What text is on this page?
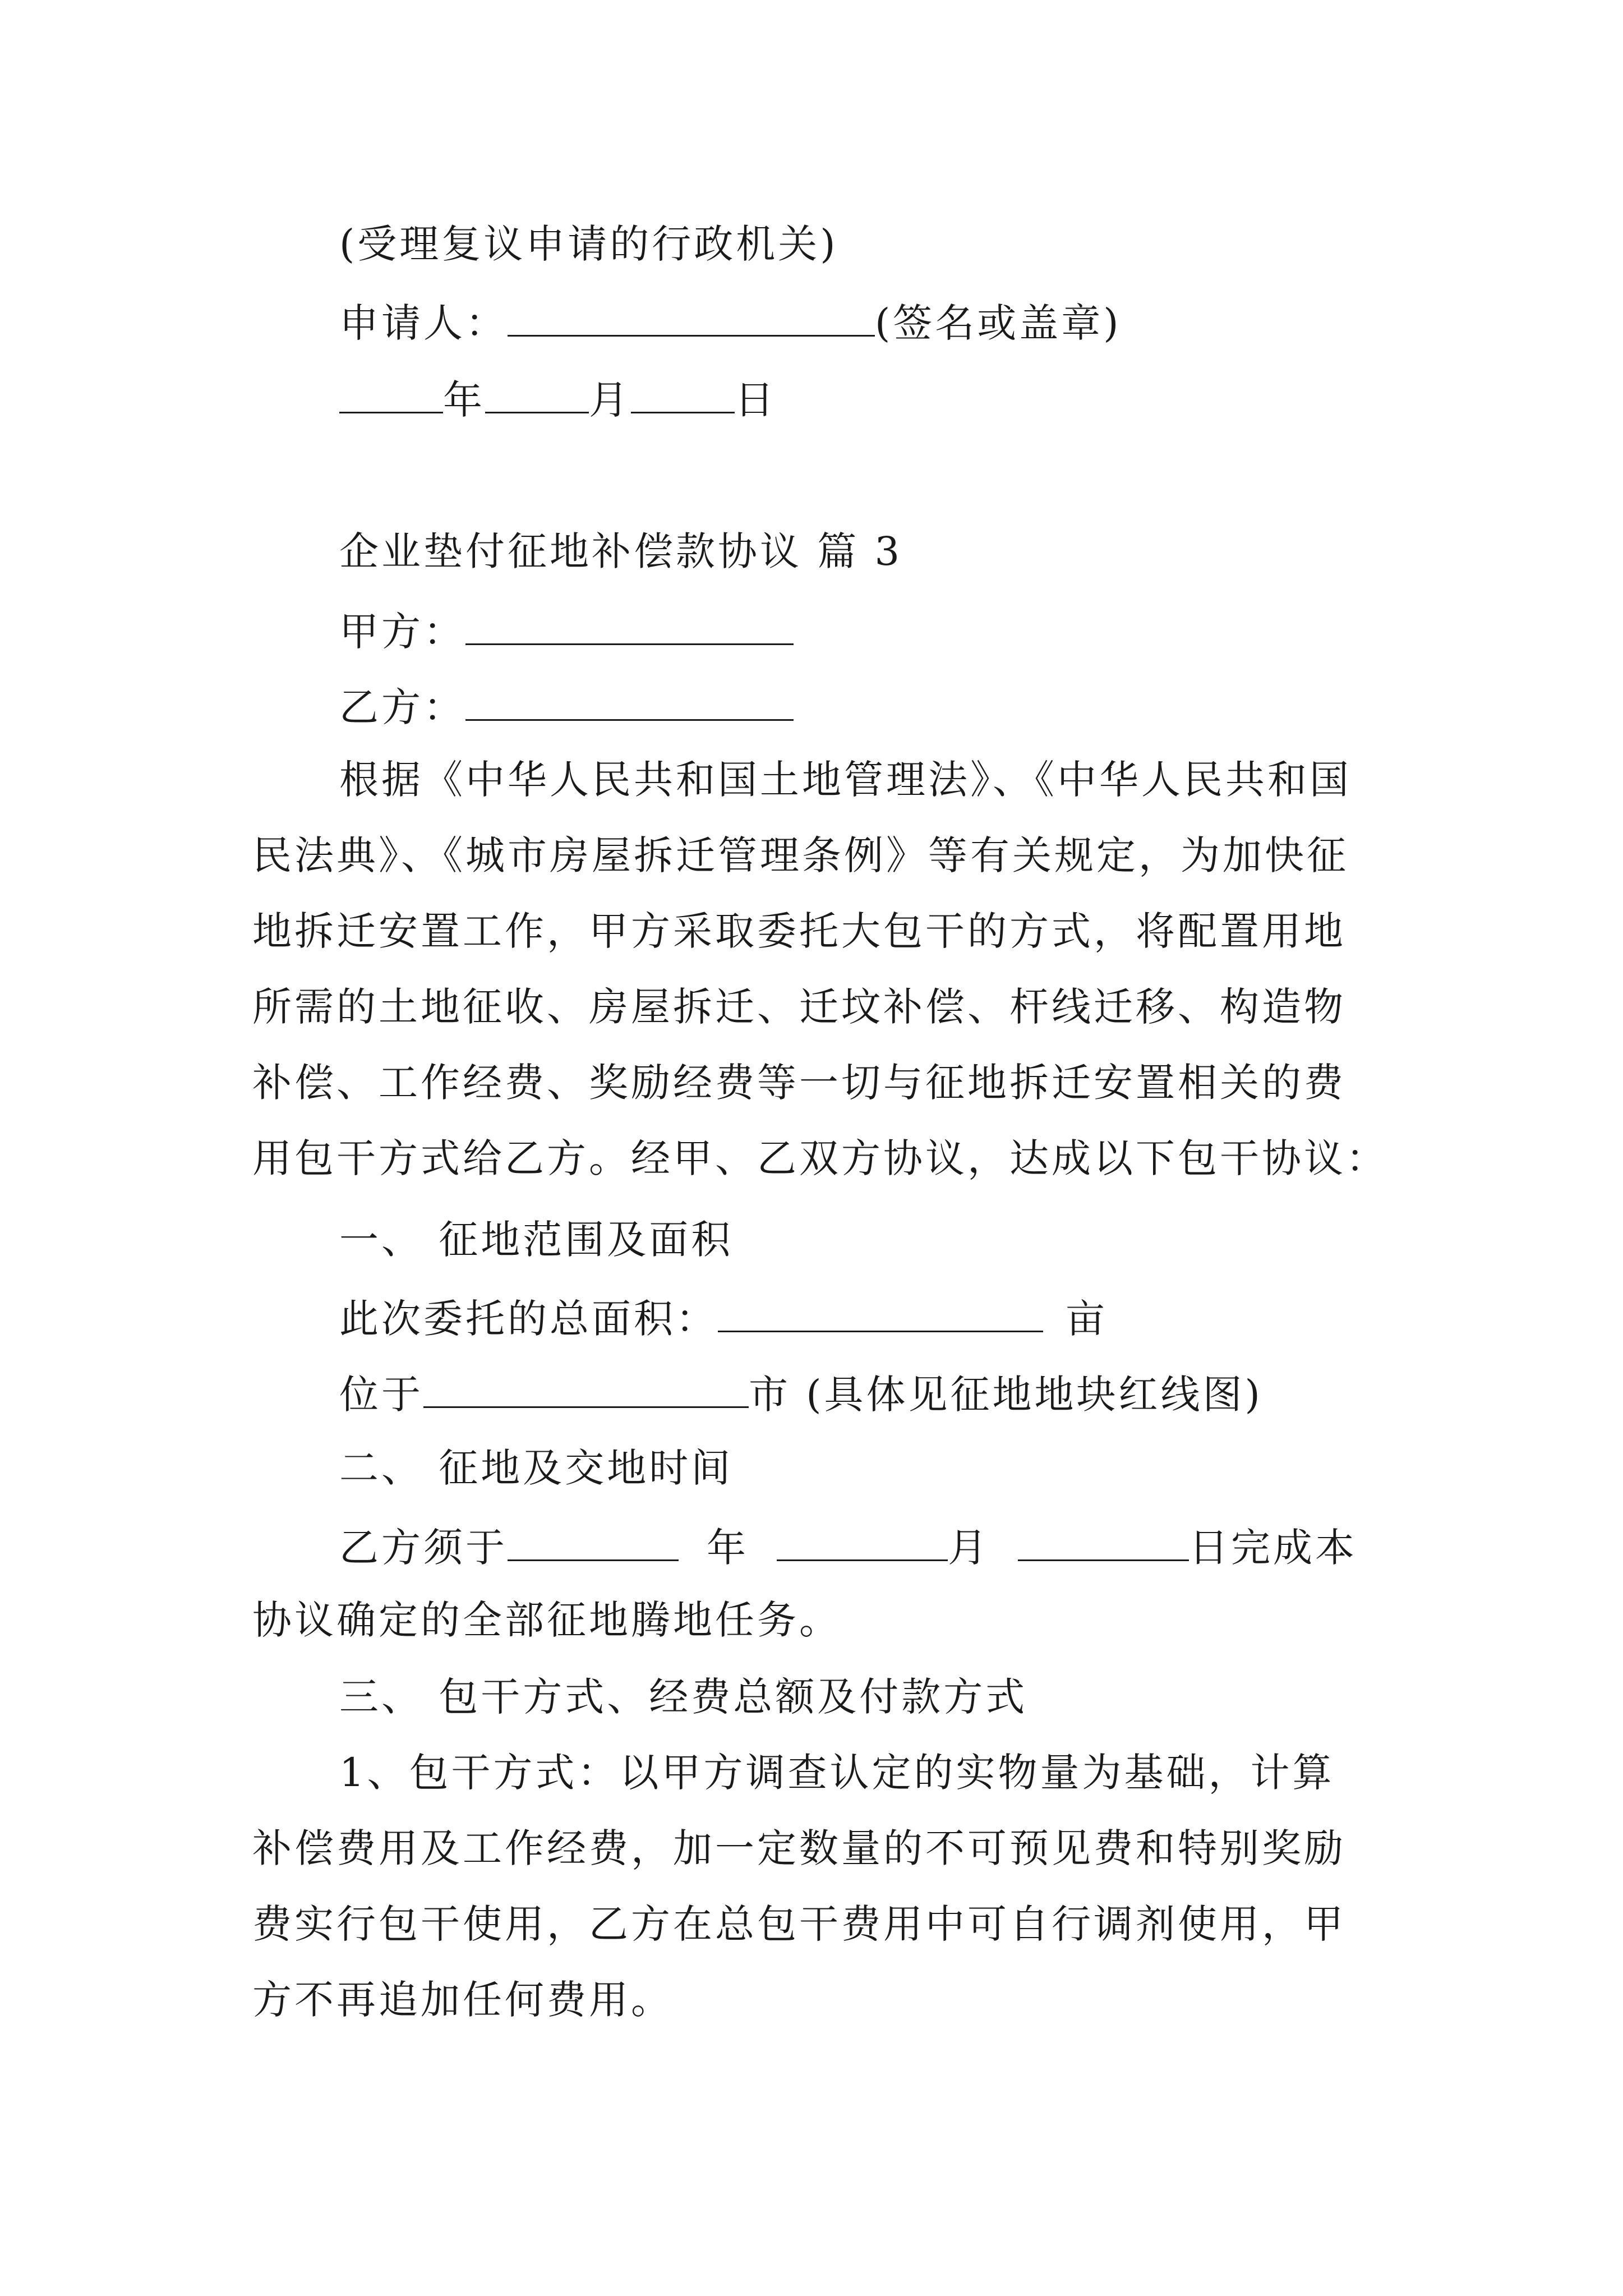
(受理复议申请的行政机关)
申请人：	(签名或盖章)
年	月	日
企业垫付征地补偿款协议 篇 3
甲方：
乙方：
根据《中华人民共和国土地管理法》、《中华人民共和国
民法典》、《城市房屋拆迁管理条例》等有关规定，为加快征
地拆迁安置工作，甲方采取委托大包干的方式，将配置用地
所需的土地征收、房屋拆迁、迁坟补偿、杆线迁移、构造物
补偿、工作经费、奖励经费等一切与征地拆迁安置相关的费
用包干方式给乙方。经甲、乙双方协议，达成以下包干协议：
一、 征地范围及面积
此次委托的总面积：	亩
位于	市 (具体见征地地块红线图)
二、 征地及交地时间
乙方须于	年	月	日完成本
协议确定的全部征地腾地任务。
三、 包干方式、经费总额及付款方式
1、包干方式：以甲方调查认定的实物量为基础，计算
补偿费用及工作经费，加一定数量的不可预见费和特别奖励
费实行包干使用，乙方在总包干费用中可自行调剂使用，甲
方不再追加任何费用。
